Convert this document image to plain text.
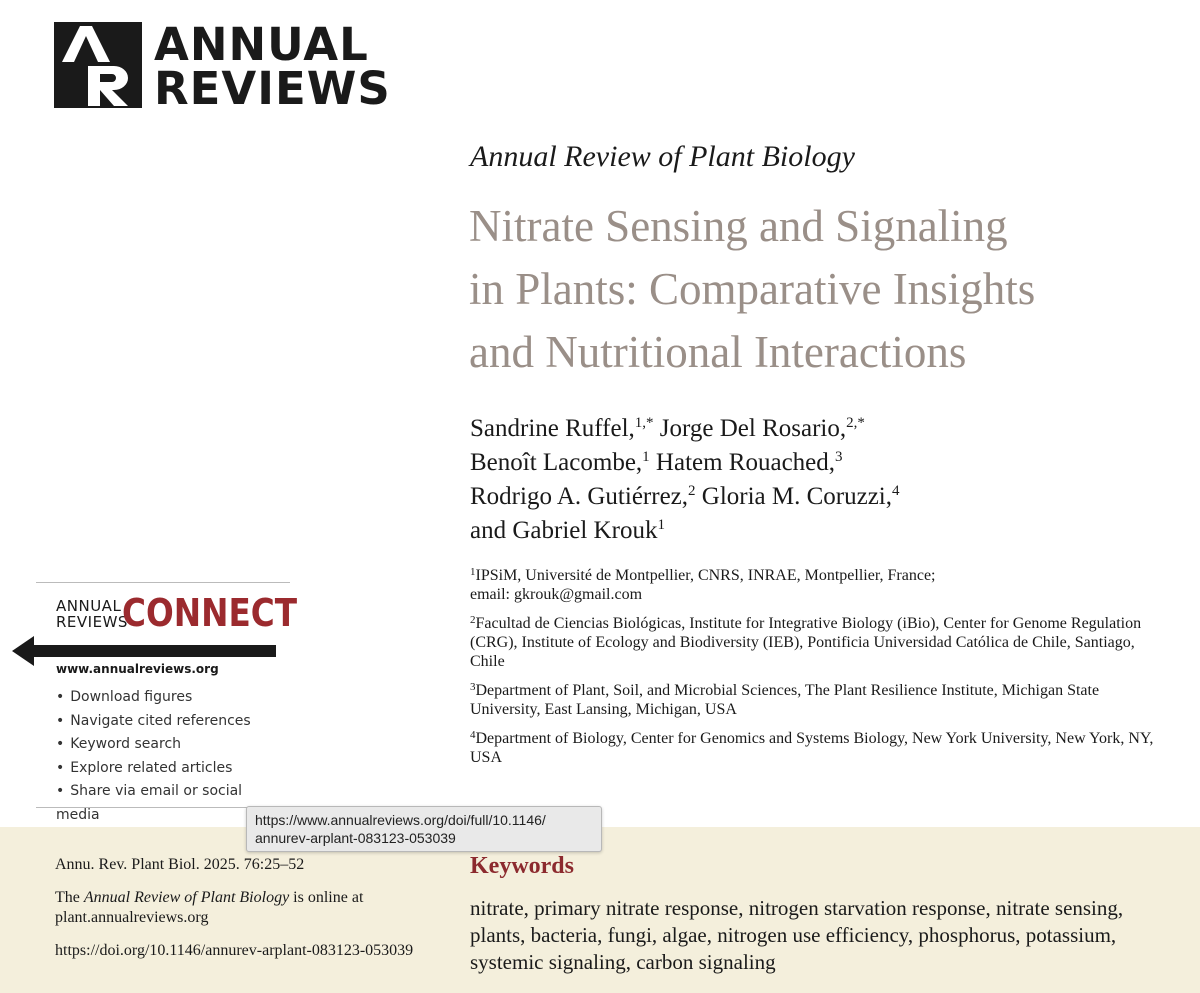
ANNUAL
REVIEWS
Annual Review of Plant Biology
Nitrate Sensing and Signaling
in Plants: Comparative Insights
and Nutritional Interactions
Sandrine Ruffel,$^{1,*}$ Jorge Del Rosario,$^{2,*}$
Benoît Lacombe,$^1$ Hatem Rouached,$^3$
Rodrigo A. Gutiérrez,$^2$ Gloria M. Coruzzi,$^4$
and Gabriel Krouk$^1$
$^1$IPSiM, Université de Montpellier, CNRS, INRAE, Montpellier, France;
email: gkrouk@gmail.com
$^2$Facultad de Ciencias Biológicas, Institute for Integrative Biology (iBio), Center for Genome Regulation (CRG), Institute of Ecology and Biodiversity (IEB), Pontificia Universidad Católica de Chile, Santiago, Chile
$^3$Department of Plant, Soil, and Microbial Sciences, The Plant Resilience Institute, Michigan State University, East Lansing, Michigan, USA
$^4$Department of Biology, Center for Genomics and Systems Biology, New York University, New York, NY, USA
ANNUAL
REVIEWS
CONNECT
www.annualreviews.org
• Download figures
• Navigate cited references
• Keyword search
• Explore related articles
• Share via email or social media

Annu. Rev. Plant Biol. 2025. 76:25–52

The Annual Review of Plant Biology is online at plant.annualreviews.org

https://doi.org/10.1146/annurev-arplant-083123-053039

Keywords
nitrate, primary nitrate response, nitrogen starvation response, nitrate sensing, plants, bacteria, fungi, algae, nitrogen use efficiency, phosphorus, potassium, systemic signaling, carbon signaling
https://www.annualreviews.org/doi/full/10.1146/
annurev-arplant-083123-053039
